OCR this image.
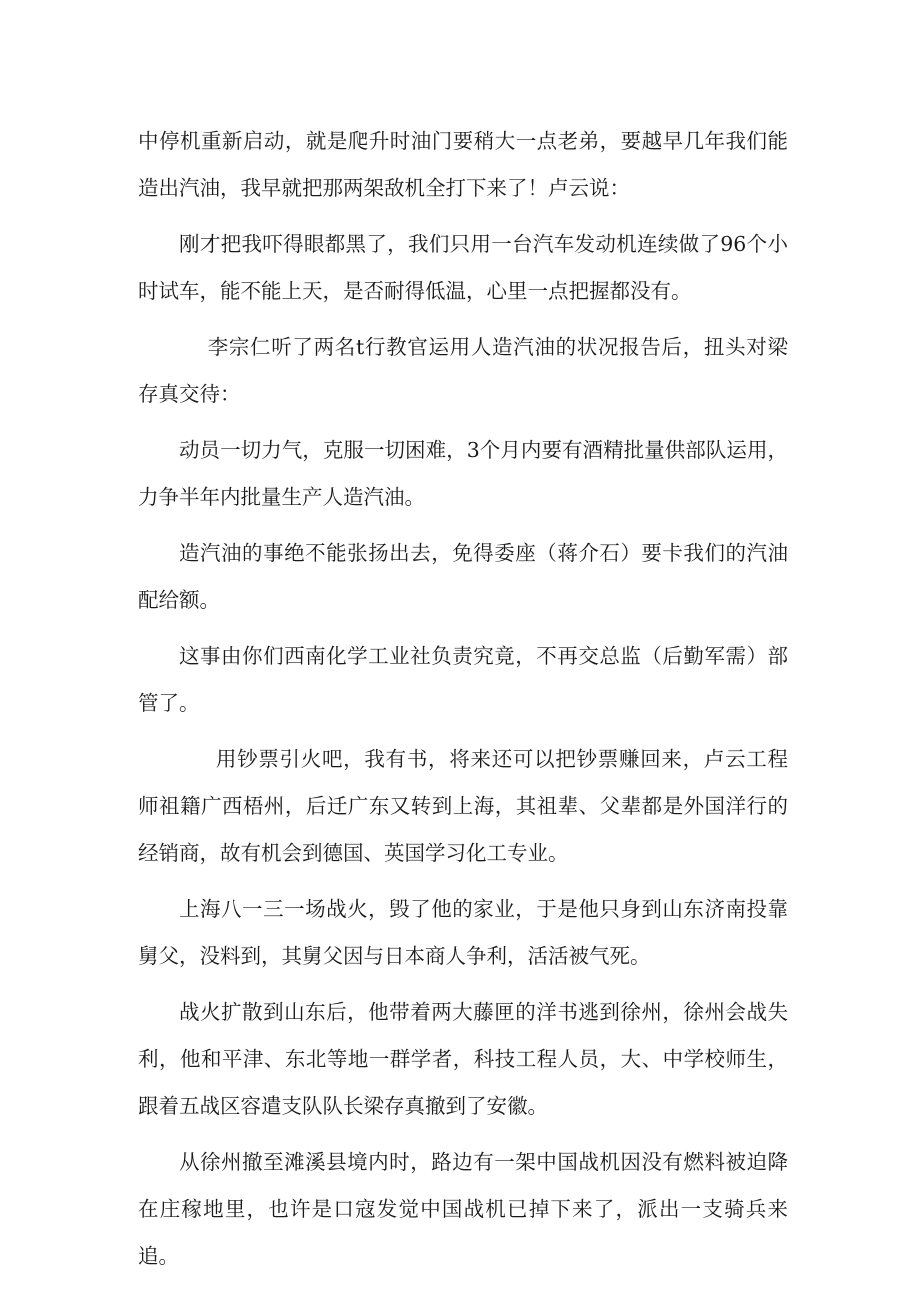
中停机重新启动，就是爬升时油门要稍大一点老弟，要越早几年我们能造出汽油，我早就把那两架敌机全打下来了！卢云说：

刚才把我吓得眼都黑了，我们只用一台汽车发动机连续做了96个小时试车，能不能上天，是否耐得低温，心里一点把握都没有。

李宗仁听了两名t行教官运用人造汽油的状况报告后，扭头对梁存真交待：

动员一切力气，克服一切困难，3个月内要有酒精批量供部队运用，力争半年内批量生产人造汽油。

造汽油的事绝不能张扬出去，免得委座（蒋介石）要卡我们的汽油配给额。

这事由你们西南化学工业社负责究竟，不再交总监（后勤军需）部管了。

用钞票引火吧，我有书，将来还可以把钞票赚回来，卢云工程师祖籍广西梧州，后迁广东又转到上海，其祖辈、父辈都是外国洋行的经销商，故有机会到德国、英国学习化工专业。

上海八一三一场战火，毁了他的家业，于是他只身到山东济南投靠舅父，没料到，其舅父因与日本商人争利，活活被气死。

战火扩散到山东后，他带着两大藤匣的洋书逃到徐州，徐州会战失利，他和平津、东北等地一群学者，科技工程人员，大、中学校师生，跟着五战区容遣支队队长梁存真撤到了安徽。

从徐州撤至滩溪县境内时，路边有一架中国战机因没有燃料被迫降在庄稼地里，也许是口寇发觉中国战机已掉下来了，派出一支骑兵来追。
